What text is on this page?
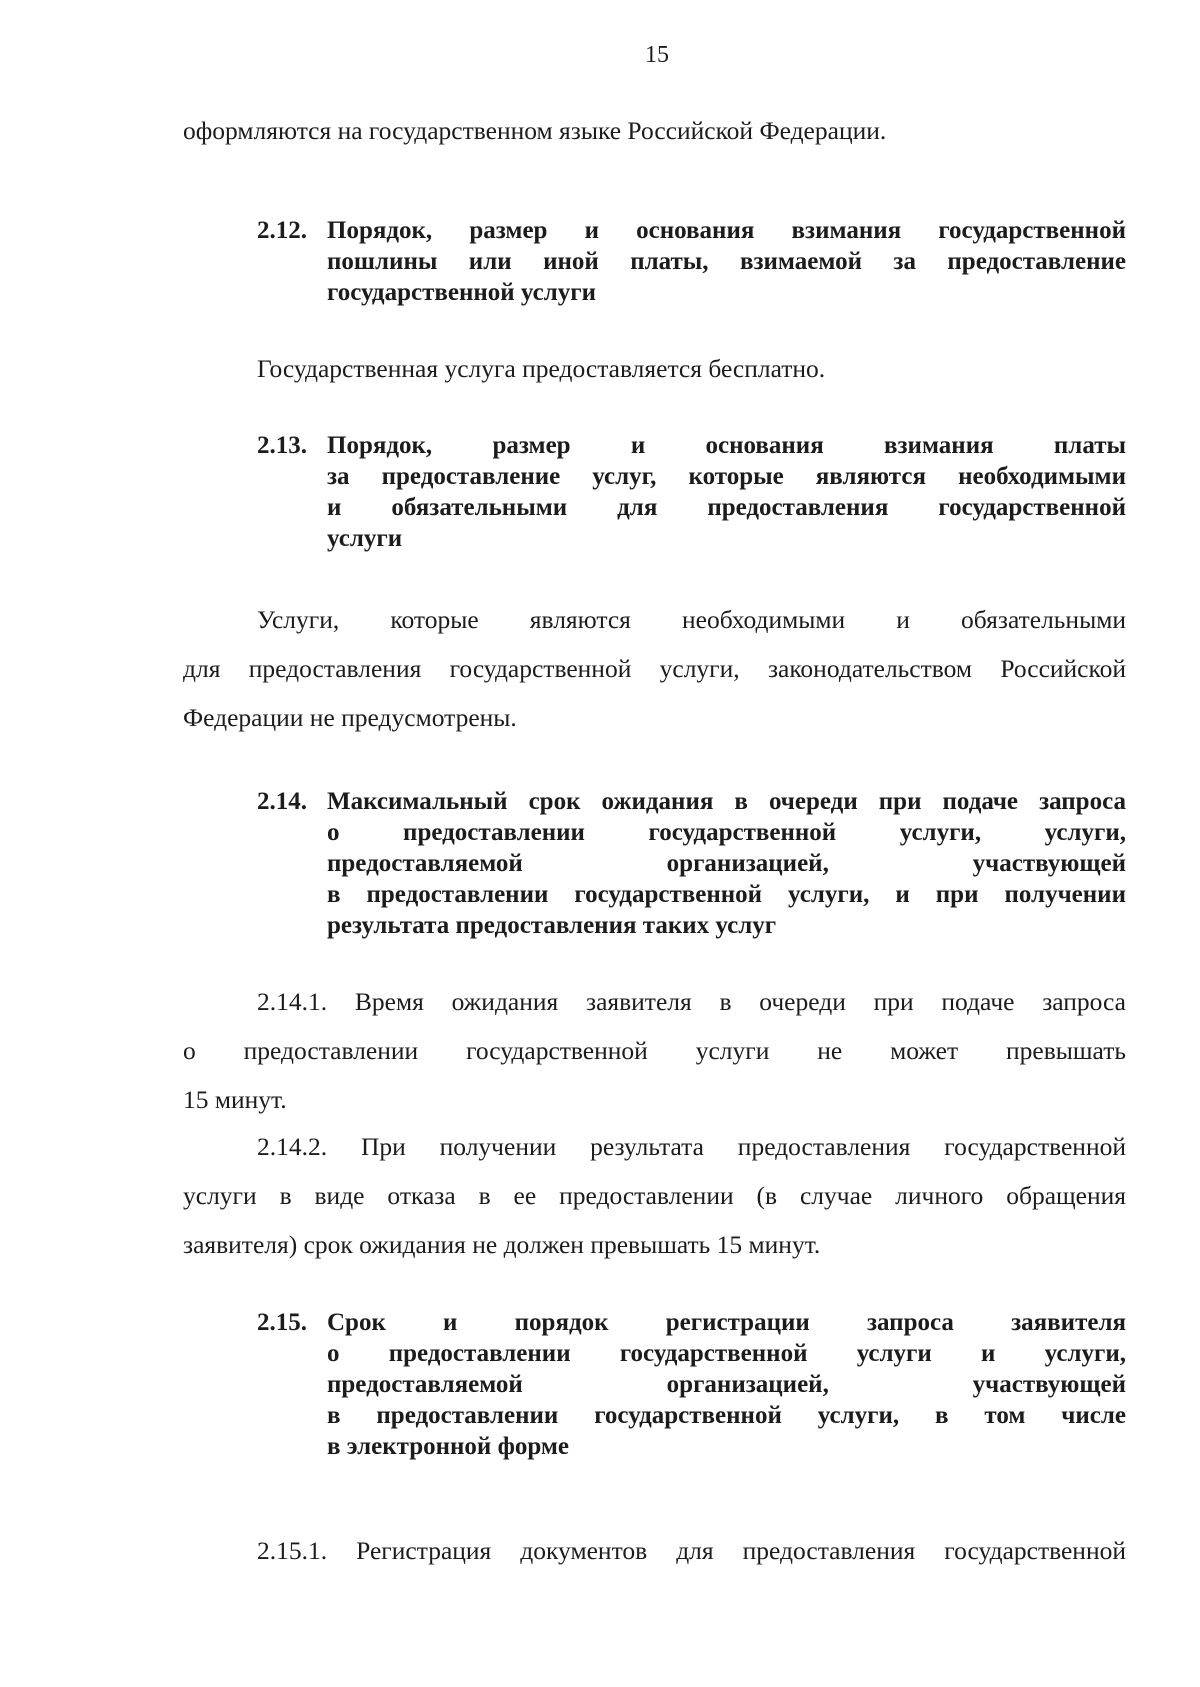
15
оформляются на государственном языке Российской Федерации.
2.12. Порядок, размер и основания взимания государственной
пошлины или иной платы, взимаемой за предоставление
государственной услуги
Государственная услуга предоставляется бесплатно.
2.13. Порядок, размер и основания взимания платы
за предоставление услуг, которые являются необходимыми
и обязательными для предоставления государственной
услуги
Услуги, которые являются необходимыми и обязательными
для предоставления государственной услуги, законодательством Российской
Федерации не предусмотрены.
2.14. Максимальный срок ожидания в очереди при подаче запроса
о предоставлении государственной услуги, услуги,
предоставляемой организацией, участвующей
в предоставлении государственной услуги, и при получении
результата предоставления таких услуг
2.14.1. Время ожидания заявителя в очереди при подаче запроса
о предоставлении государственной услуги не может превышать
15 минут.
2.14.2. При получении результата предоставления государственной
услуги в виде отказа в ее предоставлении (в случае личного обращения
заявителя) срок ожидания не должен превышать 15 минут.
2.15. Срок и порядок регистрации запроса заявителя
о предоставлении государственной услуги и услуги,
предоставляемой организацией, участвующей
в предоставлении государственной услуги, в том числе
в электронной форме
2.15.1. Регистрация документов для предоставления государственной
